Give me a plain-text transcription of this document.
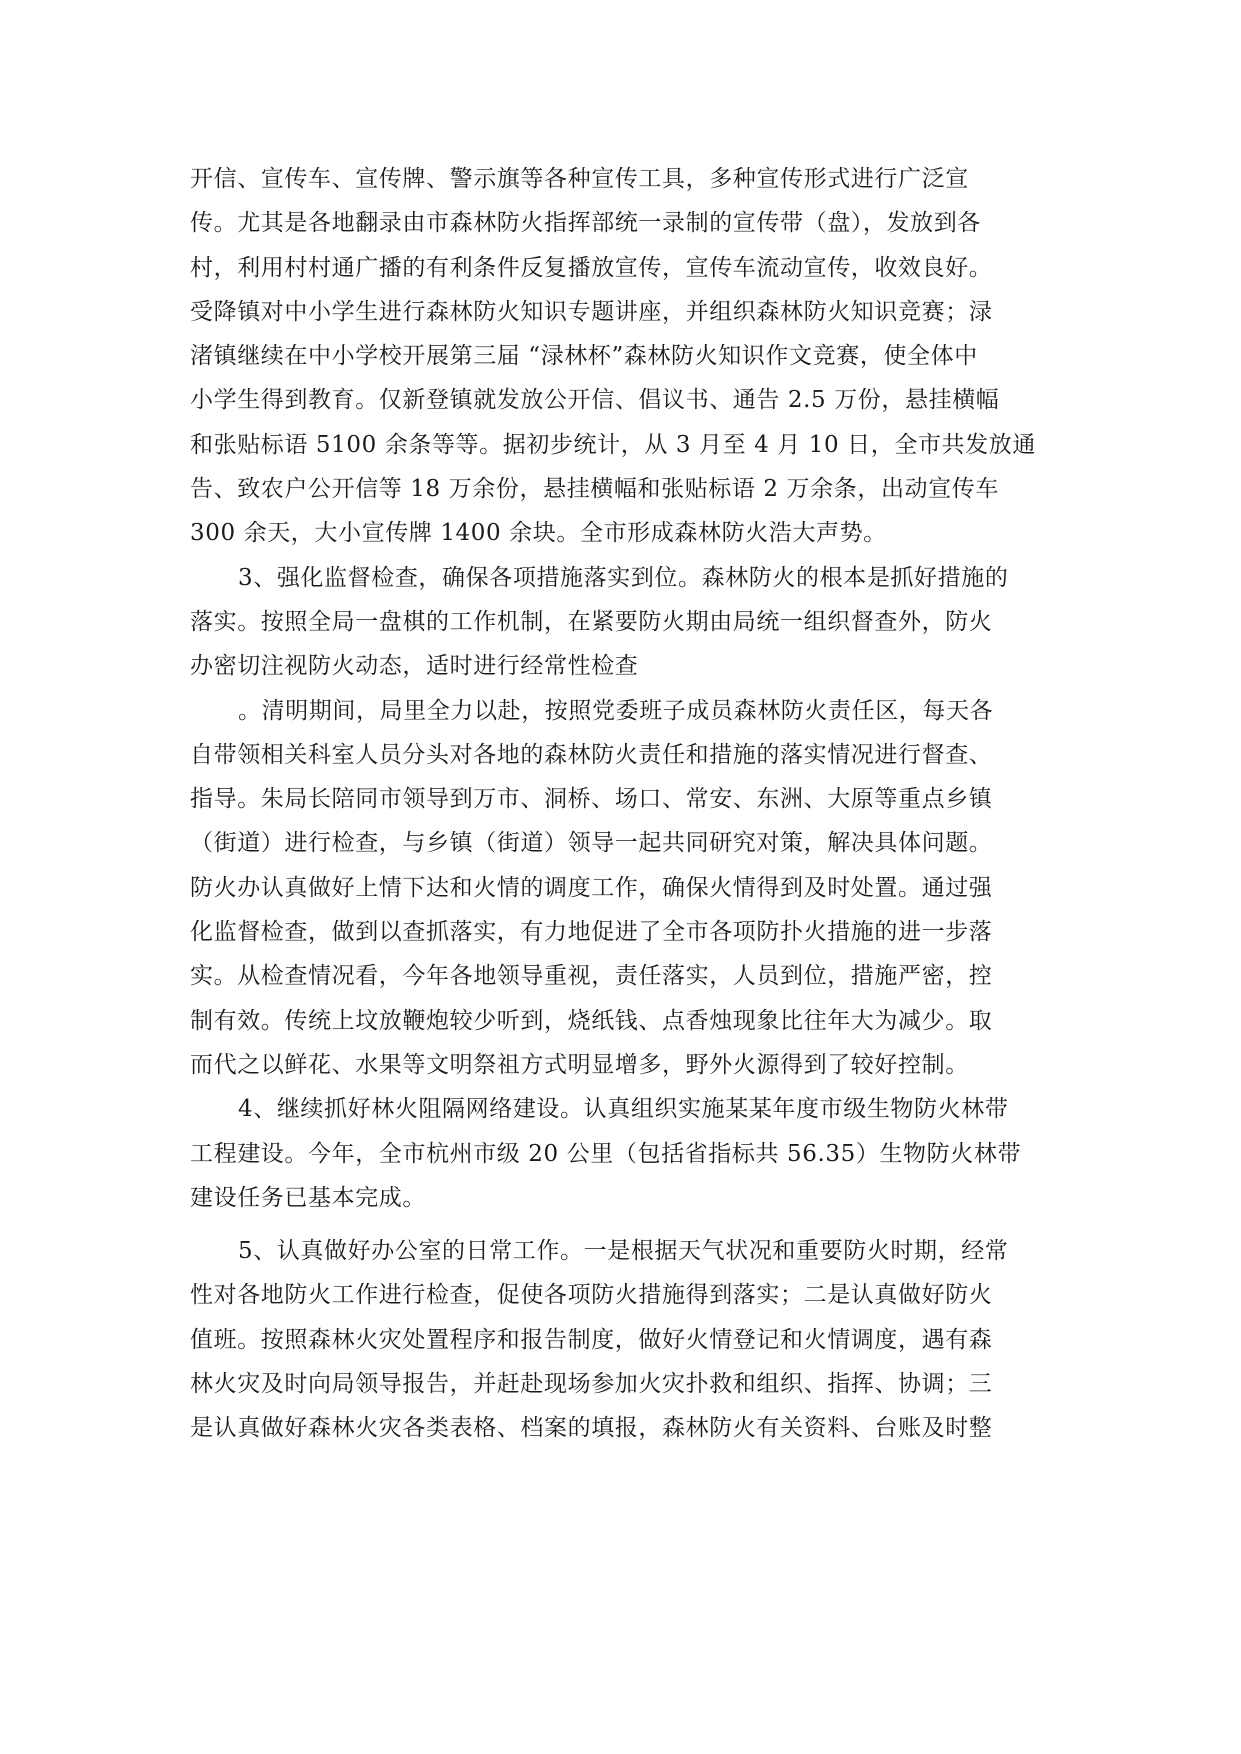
开信、宣传车、宣传牌、警示旗等各种宣传工具，多种宣传形式进行广泛宣
传。尤其是各地翻录由市森林防火指挥部统一录制的宣传带（盘），发放到各
村，利用村村通广播的有利条件反复播放宣传，宣传车流动宣传，收效良好。
受降镇对中小学生进行森林防火知识专题讲座，并组织森林防火知识竞赛；渌
渚镇继续在中小学校开展第三届 “渌林杯”森林防火知识作文竞赛，使全体中
小学生得到教育。仅新登镇就发放公开信、倡议书、通告 2.5 万份，悬挂横幅
和张贴标语 5100 余条等等。据初步统计，从 3 月至 4 月 10 日，全市共发放通
告、致农户公开信等 18 万余份，悬挂横幅和张贴标语 2 万余条，出动宣传车
300 余天，大小宣传牌 1400 余块。全市形成森林防火浩大声势。
3、强化监督检查，确保各项措施落实到位。森林防火的根本是抓好措施的
落实。按照全局一盘棋的工作机制，在紧要防火期由局统一组织督查外，防火
办密切注视防火动态，适时进行经常性检查
。清明期间，局里全力以赴，按照党委班子成员森林防火责任区，每天各
自带领相关科室人员分头对各地的森林防火责任和措施的落实情况进行督查、
指导。朱局长陪同市领导到万市、洞桥、场口、常安、东洲、大原等重点乡镇
（街道）进行检查，与乡镇（街道）领导一起共同研究对策，解决具体问题。
防火办认真做好上情下达和火情的调度工作，确保火情得到及时处置。通过强
化监督检查，做到以查抓落实，有力地促进了全市各项防扑火措施的进一步落
实。从检查情况看，今年各地领导重视，责任落实，人员到位，措施严密，控
制有效。传统上坟放鞭炮较少听到，烧纸钱、点香烛现象比往年大为减少。取
而代之以鲜花、水果等文明祭祖方式明显增多，野外火源得到了较好控制。
4、继续抓好林火阻隔网络建设。认真组织实施某某年度市级生物防火林带
工程建设。今年，全市杭州市级 20 公里（包括省指标共 56.35）生物防火林带
建设任务已基本完成。
5、认真做好办公室的日常工作。一是根据天气状况和重要防火时期，经常
性对各地防火工作进行检查，促使各项防火措施得到落实；二是认真做好防火
值班。按照森林火灾处置程序和报告制度，做好火情登记和火情调度，遇有森
林火灾及时向局领导报告，并赶赴现场参加火灾扑救和组织、指挥、协调；三
是认真做好森林火灾各类表格、档案的填报，森林防火有关资料、台账及时整
